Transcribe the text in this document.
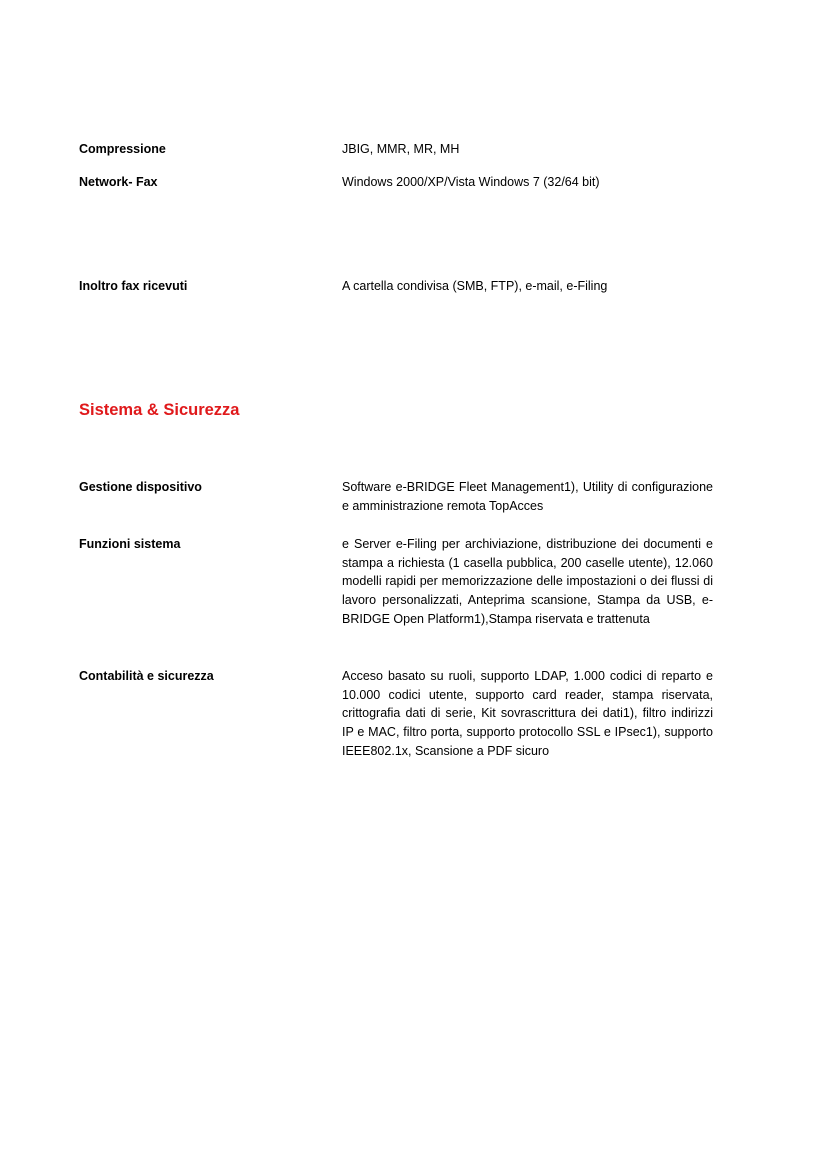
Compressione	JBIG, MMR, MR, MH
Network- Fax	Windows 2000/XP/Vista Windows 7 (32/64 bit)
Inoltro fax ricevuti	A cartella condivisa (SMB, FTP), e-mail, e-Filing
Sistema & Sicurezza
Gestione dispositivo	Software e-BRIDGE Fleet Management1), Utility di configurazione e amministrazione remota TopAcces
Funzioni sistema	e Server e-Filing per archiviazione, distribuzione dei documenti e stampa a richiesta (1 casella pubblica, 200 caselle utente), 12.060 modelli rapidi per memorizzazione delle impostazioni o dei flussi di lavoro personalizzati, Anteprima scansione, Stampa da USB, e-BRIDGE Open Platform1),Stampa riservata e trattenuta
Contabilità e sicurezza	Acceso basato su ruoli, supporto LDAP, 1.000 codici di reparto e 10.000 codici utente, supporto card reader, stampa riservata, crittografia dati di serie, Kit sovrascrittura dei dati1), filtro indirizzi IP e MAC, filtro porta, supporto protocollo SSL e IPsec1), supporto IEEE802.1x, Scansione a PDF sicuro
